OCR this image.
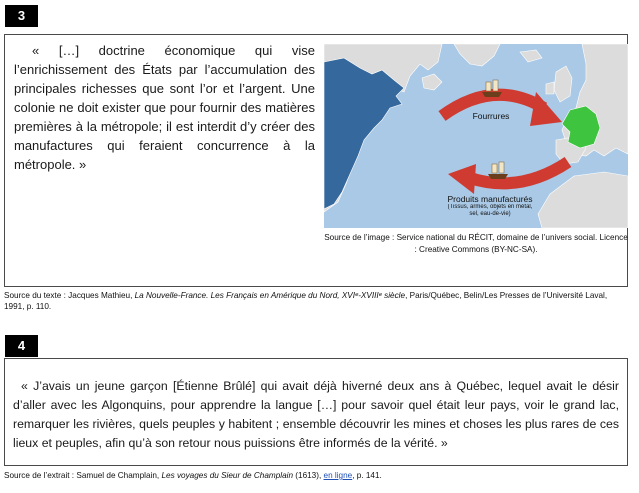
3
« […] doctrine économique qui vise l’enrichissement des États par l’accumulation des principales richesses que sont l’or et l’argent. Une colonie ne doit exister que pour fournir des matières premières à la métropole; il est interdit d’y créer des manufactures qui feraient concurrence à la métropole. »
Fourrures
Produits manufacturés
(Tissus, armes, objets en métal, sel, eau-de-vie)
Source de l’image : Service national du RÉCIT, domaine de l’univers social. Licence : Creative Commons (BY-NC-SA).
Source du texte : Jacques Mathieu, La Nouvelle-France. Les Français en Amérique du Nord, XVIᵉ-XVIIIᵉ siècle, Paris/Québec, Belin/Les Presses de l’Université Laval, 1991, p. 110.
4
« J’avais un jeune garçon [Étienne Brûlé] qui avait déjà hiverné deux ans à Québec, lequel avait le désir d’aller avec les Algonquins, pour apprendre la langue […] pour savoir quel était leur pays, voir le grand lac, remarquer les rivières, quels peuples y habitent ; ensemble découvrir les mines et choses les plus rares de ces lieux et peuples, afin qu’à son retour nous puissions être informés de la vérité. »
Source de l’extrait : Samuel de Champlain, Les voyages du Sieur de Champlain (1613), en ligne, p. 141.
